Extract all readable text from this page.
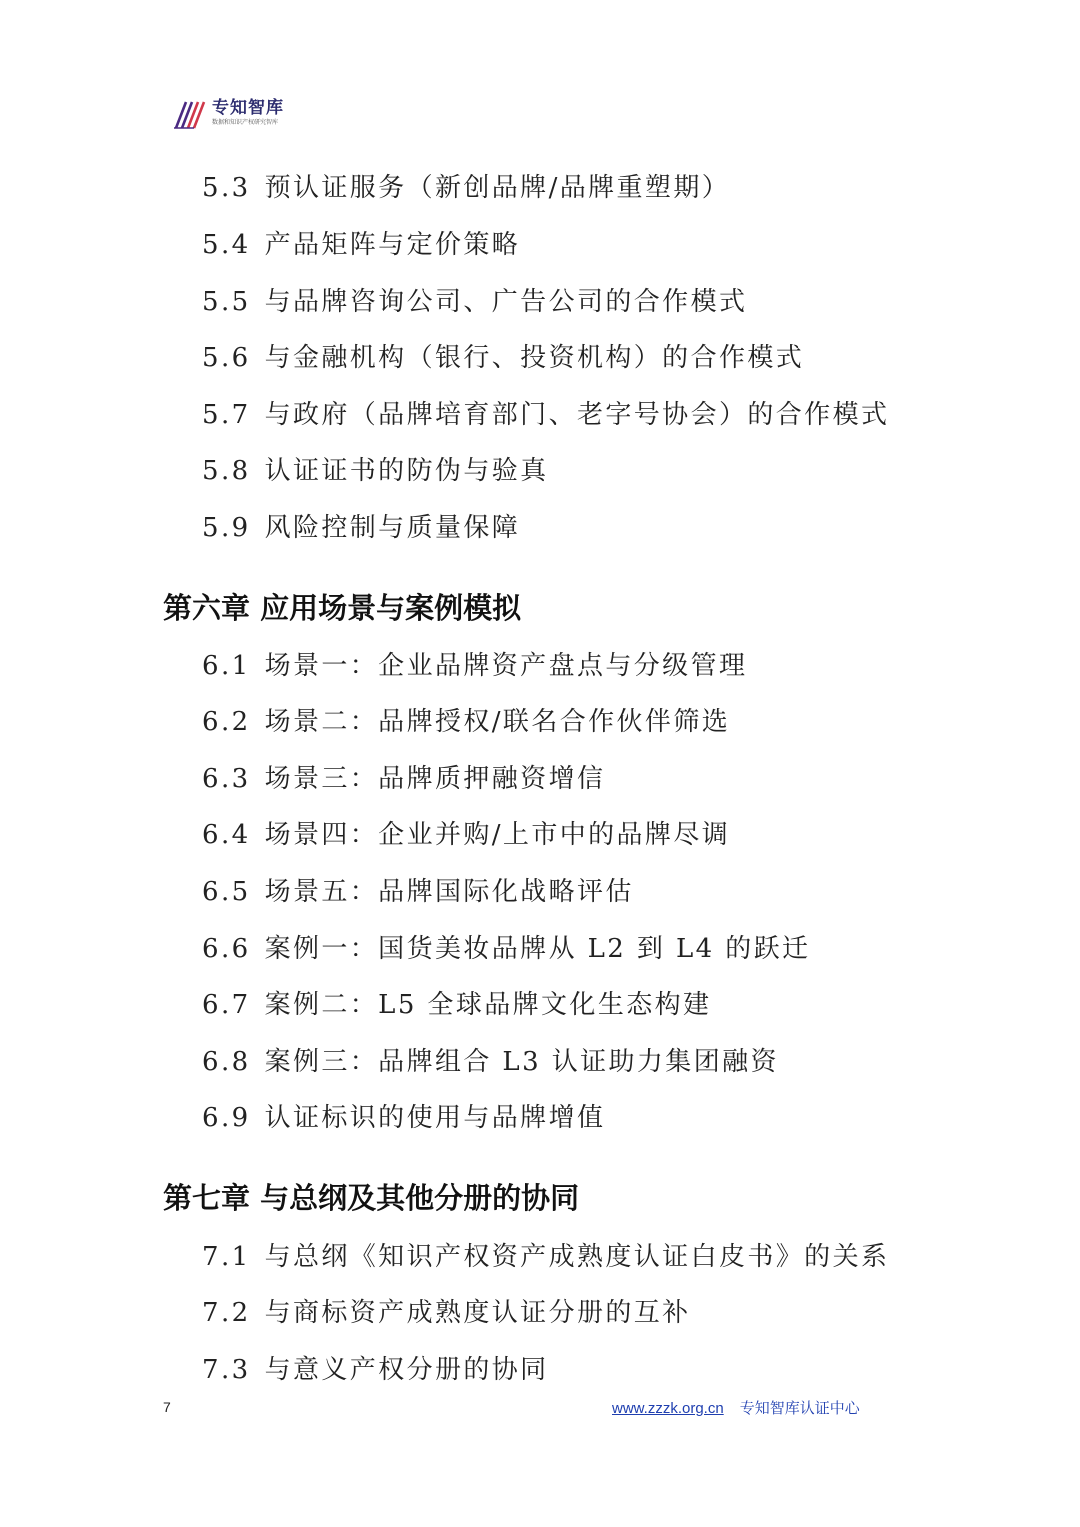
专知智库
数据和知识产权研究智库
5.3 预认证服务（新创品牌/品牌重塑期）
5.4 产品矩阵与定价策略
5.5 与品牌咨询公司、广告公司的合作模式
5.6 与金融机构（银行、投资机构）的合作模式
5.7 与政府（品牌培育部门、老字号协会）的合作模式
5.8 认证证书的防伪与验真
5.9 风险控制与质量保障
第六章 应用场景与案例模拟
6.1 场景一：企业品牌资产盘点与分级管理
6.2 场景二：品牌授权/联名合作伙伴筛选
6.3 场景三：品牌质押融资增信
6.4 场景四：企业并购/上市中的品牌尽调
6.5 场景五：品牌国际化战略评估
6.6 案例一：国货美妆品牌从 L2 到 L4 的跃迁
6.7 案例二：L5 全球品牌文化生态构建
6.8 案例三：品牌组合 L3 认证助力集团融资
6.9 认证标识的使用与品牌增值
第七章 与总纲及其他分册的协同
7.1 与总纲《知识产权资产成熟度认证白皮书》的关系
7.2 与商标资产成熟度认证分册的互补
7.3 与意义产权分册的协同
7	www.zzzk.org.cn 专知智库认证中心
